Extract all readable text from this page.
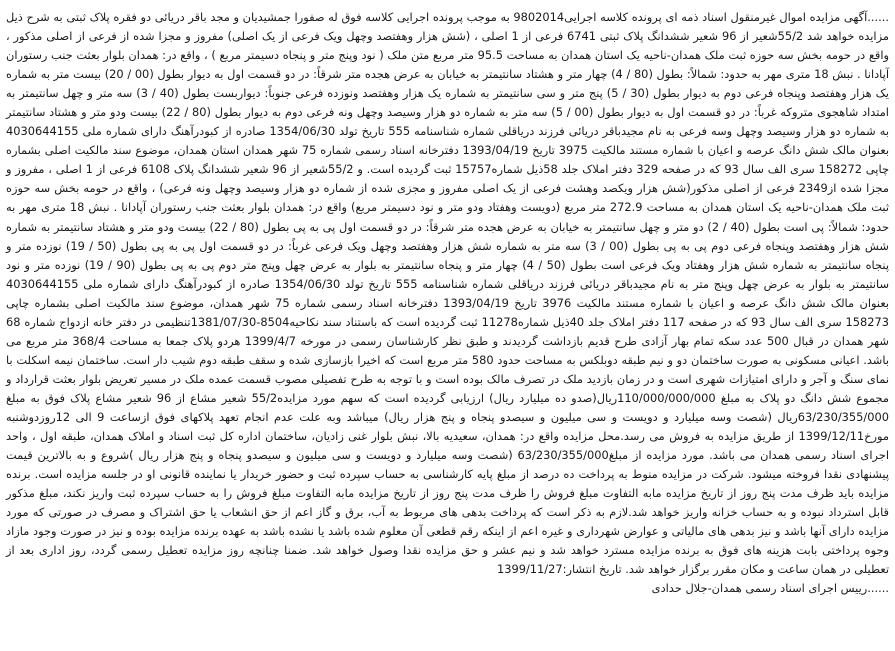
......آگهی مزایده اموال غیرمنقول اسناد ذمه ای پرونده کلاسه اجرایی9802014 به موجب پرونده اجرایی کلاسه فوق له صفورا جمشیدیان و مجد باقر دریائی دو فقره پلاک ثبتی به شرح ذیل مزایده خواهد شد 55/2شعیر از 96 شعیر ششدانگ پلاک ثبتی 6741 فرعی از 1 اصلی ، (شش هزار وهفتصد وچهل ویک فرعی از یک اصلی) مفروز و مجزا شده از فرعی از اصلی مذکور ، واقع در حومه بخش سه حوزه ثبت ملک همدان-ناحیه یک استان همدان به مساحت 95.5 متر مربع متن ملک ( نود وپنج متر و پنجاه دسیمتر مربع ) ، واقع در: همدان بلوار بعثت جنب رستوران آپادانا . نبش 18 متری مهر به حدود: شمالاً: بطول (80 / 4) چهار متر و هشتاد سانتیمتر به خیابان به عرض هجده متر شرقاً: در دو قسمت اول به دیوار بطول (00 / 20) بیست متر به شماره یک هزار وهفتصد وپنجاه فرعی دوم به دیوار بطول (30 / 5) پنج متر و سی سانتیمتر به شماره یک هزار وهفتصد ونوزده فرعی جنوباً: دیواربست بطول (40 / 3) سه متر و چهل سانتیمتر به امتداد شاهجوی متروکه غرباً: در دو قسمت اول به دیوار بطول (00 / 5) سه متر به شماره دو هزار وسیصد وچهل ونه فرعی دوم به دیوار بطول (80 / 22) بیست ودو متر و هشتاد سانتیمتر به شماره دو هزار وسیصد وچهل وسه فرعی به نام مجیدباقر دریائی فرزند دریاقلی شماره شناسنامه 555 تاریخ تولد 1354/06/30 صادره از کبودرآهنگ دارای شماره ملی 4030644155 بعنوان مالک شش دانگ عرصه و اعیان با شماره مستند مالکیت 3975 تاریخ 1393/04/19 دفترخانه اسناد رسمی شماره 75 شهر همدان استان همدان، موضوع سند مالکیت اصلی بشماره چاپی 158272 سری الف سال 93 که در صفحه 329 دفتر املاک جلد 58ذیل شماره15757 ثبت گردیده است. و 55/2شعیر از 96 شعیر ششدانگ پلاک 6108 فرعی از 1 اصلی ، مفروز و مجزا شده از2349 فرعی از اصلی مذکور(شش هزار ویکصد وهشت فرعی از یک اصلی مفروز و مجزی شده از شماره دو هزار وسیصد وچهل ونه فرعی) ، واقع در حومه بخش سه حوزه ثبت ملک همدان-ناحیه یک استان همدان به مساحت 272.9 متر مربع (دویست وهفتاد ودو متر و نود دسیمتر مربع) واقع در: همدان بلوار بعثت جنب رستوران آپادانا . نبش 18 متری مهر به حدود: شمالاً: پی است بطول (40 / 2) دو متر و چهل سانتیمتر به خیابان به عرض هجده متر شرقاً: در دو قسمت اول پی به پی بطول (80 / 22) بیست ودو متر و هشتاد سانتیمتر به شماره شش هزار وهفتصد وپنجاه فرعی دوم پی به پی بطول (00 / 3) سه متر به شماره شش هزار وهفتصد وچهل ویک فرعی غرباً: در دو قسمت اول پی به پی بطول (50 / 19) نوزده متر و پنجاه سانتیمتر به شماره شش هزار وهفتاد ویک فرعی است بطول (50 / 4) چهار متر و پنجاه سانتیمتر به بلوار به عرض چهل وپنج متر دوم پی به پی بطول (90 / 19) نوزده متر و نود سانتیمتر به بلوار به عرض چهل وپنج متر به نام مجیدباقر دریائی فرزند دریاقلی شماره شناسنامه 555 تاریخ تولد 1354/06/30 صادره از کبودرآهنگ دارای شماره ملی 4030644155 بعنوان مالک شش دانگ عرصه و اعیان با شماره مستند مالکیت 3976 تاریخ 1393/04/19 دفترخانه اسناد رسمی شماره 75 شهر همدان، موضوع سند مالکیت اصلی بشماره چاپی 158273 سری الف سال 93 که در صفحه 117 دفتر املاک جلد 40ذیل شماره11278 ثبت گردیده است که باستناد سند نکاحیه8504-1381/07/30تنظیمی در دفتر خانه ازدواج شماره 68 شهر همدان در قبال 500 عدد سکه تمام بهار آزادی طرح قدیم بازداشت گردیدند و طبق نظر کارشناسان رسمی در مورخه 1399/4/7 هردو پلاک جمعا به مساحت 368/4 متر مربع می باشد. اعیانی مسکونی به صورت ساختمان دو و نیم طبقه دوبلکس به مساحت حدود 580 متر مربع است که اخیرا بازسازی شده و سقف طبقه دوم شیب دار است. ساختمان نیمه اسکلت با نمای سنگ و آجر و دارای امتیازات شهری است و در زمان بازدید ملک در تصرف مالک بوده است و با توجه به طرح تفصیلی مصوب قسمت عمده ملک در مسیر تعریض بلوار بعثت قرارداد و مجموع شش دانگ دو پلاک به مبلغ 110/000/000/000ریال(صدو ده میلیارد ریال) ارزیابی گردیده است که سهم مورد مزایده55/2 شعیر مشاع از 96 شعیر مشاع پلاک فوق به مبلغ 63/230/355/000ریال (شصت وسه میلیارد و دویست و سی میلیون و سیصدو پنجاه و پنج هزار ریال) میباشد وبه علت عدم انجام تعهد پلاکهای فوق ازساعت 9 الی 12روزدوشنبه مورخ1399/12/11 از طریق مزایده به فروش می رسد.محل مزایده واقع در: همدان، سعیدیه بالا، نبش بلوار غنی زادیان، ساختمان اداره کل ثبت اسناد و املاک همدان، طبقه اول ، واحد اجرای اسناد رسمی همدان می باشد. مورد مزایده از مبلغ63/230/355/000 (شصت وسه میلیارد و دویست و سی میلیون و سیصدو پنجاه و پنج هزار ریال )شروع و به بالاترین قیمت پیشنهادی نقدا فروخته میشود. شرکت در مزایده منوط به پرداخت ده درصد از مبلغ پایه کارشناسی به حساب سپرده ثبت و حضور خریدار یا نماینده قانونی او در جلسه مزایده است. برنده مزایده باید ظرف مدت پنج روز از تاریخ مزایده مابه التفاوت مبلغ فروش را ظرف مدت پنج روز از تاریخ مزایده مابه التفاوت مبلغ فروش را به حساب سپرده ثبت واریز نکند، مبلغ مذکور قابل استرداد نبوده و به حساب خزانه واریز خواهد شد.لازم به ذکر است که پرداخت بدهی های مربوط به آب، برق و گاز اعم از حق انشعاب یا حق اشتراک و مصرف در صورتی که مورد مزایده دارای آنها باشد و نیز بدهی های مالیاتی و عوارض شهرداری و غیره اعم از اینکه رقم قطعی آن معلوم شده باشد یا نشده باشد به عهده برنده مزایده بوده و نیز در صورت وجود مازاد وجوه پرداختی بابت هزینه های فوق به برنده مزایده مسترد خواهد شد و نیم عشر و حق مزایده نقدا وصول خواهد شد. ضمنا چنانچه روز مزایده تعطیل رسمی گردد، روز اداری بعد از تعطیلی در همان ساعت و مکان مقرر برگزار خواهد شد. تاریخ انتشار:1399/11/27

......رییس اجرای اسناد رسمی همدان-جلال حدادی
